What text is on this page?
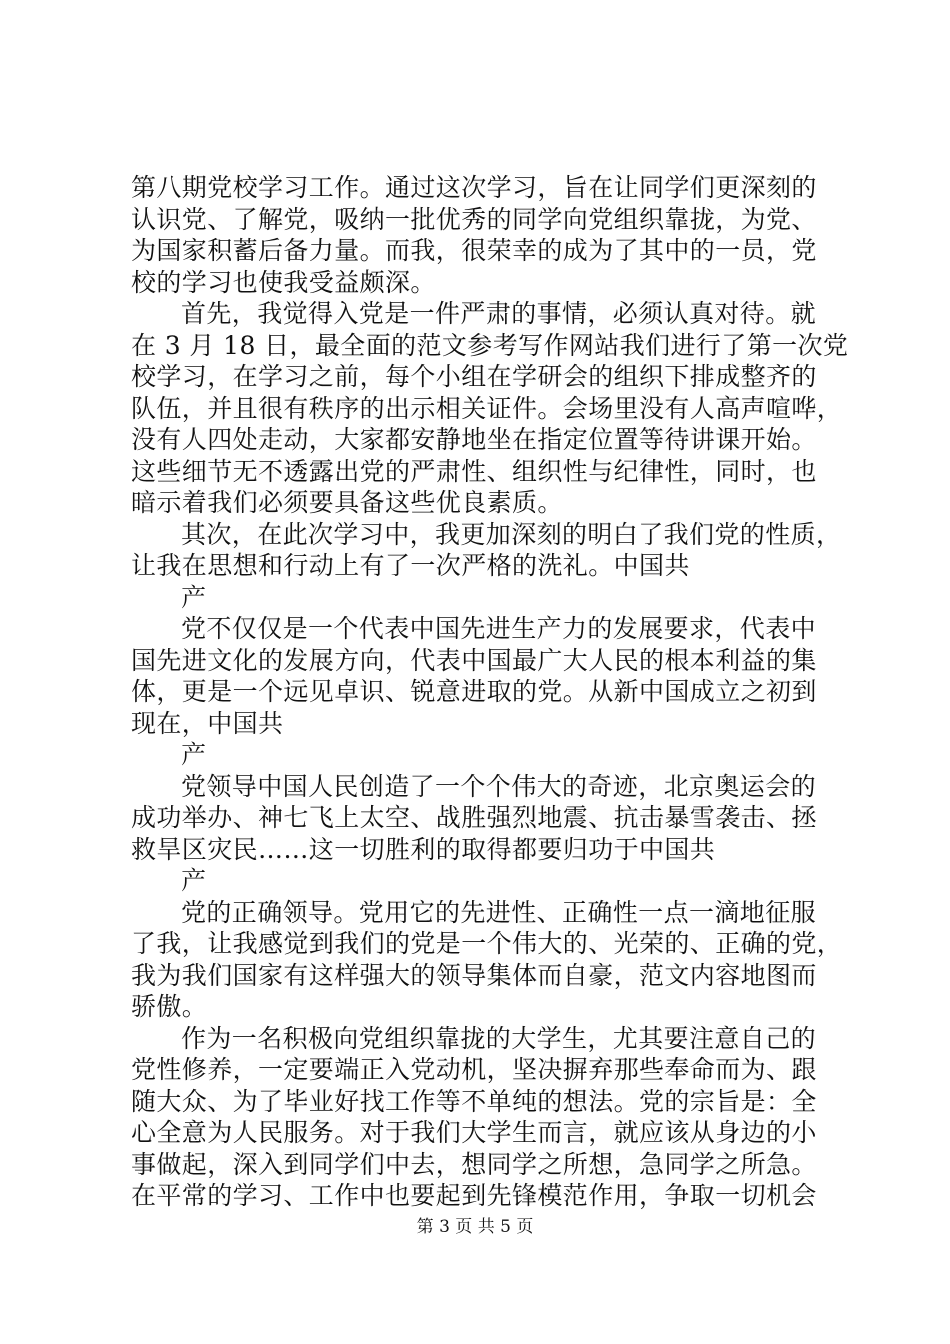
第八期党校学习工作。通过这次学习，旨在让同学们更深刻的
认识党、了解党，吸纳一批优秀的同学向党组织靠拢，为党、
为国家积蓄后备力量。而我，很荣幸的成为了其中的一员，党
校的学习也使我受益颇深。
首先，我觉得入党是一件严肃的事情，必须认真对待。就
在 3 月 18 日，最全面的范文参考写作网站我们进行了第一次党
校学习，在学习之前，每个小组在学研会的组织下排成整齐的
队伍，并且很有秩序的出示相关证件。会场里没有人高声喧哗，
没有人四处走动，大家都安静地坐在指定位置等待讲课开始。
这些细节无不透露出党的严肃性、组织性与纪律性，同时，也
暗示着我们必须要具备这些优良素质。
其次，在此次学习中，我更加深刻的明白了我们党的性质，
让我在思想和行动上有了一次严格的洗礼。中国共
产
党不仅仅是一个代表中国先进生产力的发展要求，代表中
国先进文化的发展方向，代表中国最广大人民的根本利益的集
体，更是一个远见卓识、锐意进取的党。从新中国成立之初到
现在，中国共
产
党领导中国人民创造了一个个伟大的奇迹，北京奥运会的
成功举办、神七飞上太空、战胜强烈地震、抗击暴雪袭击、拯
救旱区灾民……这一切胜利的取得都要归功于中国共
产
党的正确领导。党用它的先进性、正确性一点一滴地征服
了我，让我感觉到我们的党是一个伟大的、光荣的、正确的党，
我为我们国家有这样强大的领导集体而自豪，范文内容地图而
骄傲。
作为一名积极向党组织靠拢的大学生，尤其要注意自己的
党性修养，一定要端正入党动机，坚决摒弃那些奉命而为、跟
随大众、为了毕业好找工作等不单纯的想法。党的宗旨是：全
心全意为人民服务。对于我们大学生而言，就应该从身边的小
事做起，深入到同学们中去，想同学之所想，急同学之所急。
在平常的学习、工作中也要起到先锋模范作用，争取一切机会
第 3 页 共 5 页
